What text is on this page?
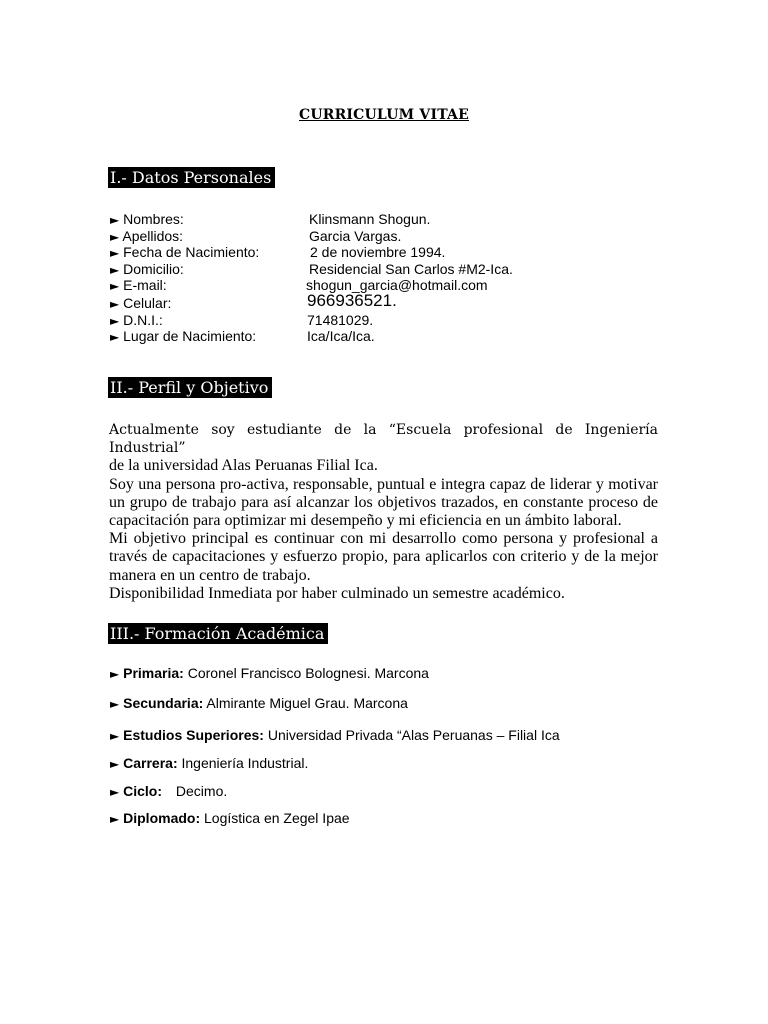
CURRICULUM VITAE
I.- Datos Personales
► Nombres:	Klinsmann Shogun.
► Apellidos:	Garcia Vargas.
► Fecha de Nacimiento:	2 de noviembre 1994.
► Domicilio:	Residencial San Carlos #M2-Ica.
► E-mail:	shogun_garcia@hotmail.com
► Celular:	966936521.
► D.N.I.:	71481029.
► Lugar de Nacimiento:	Ica/Ica/Ica.
II.- Perfil y Objetivo

Actualmente soy estudiante de la “Escuela profesional de Ingeniería Industrial”

de la universidad Alas Peruanas Filial Ica.

Soy una persona pro-activa, responsable, puntual e integra capaz de liderar y motivar un grupo de trabajo para así alcanzar los objetivos trazados, en constante proceso de capacitación para optimizar mi desempeño y mi eficiencia en un ámbito laboral.

Mi objetivo principal es continuar con mi desarrollo como persona y profesional a través de capacitaciones y esfuerzo propio, para aplicarlos con criterio y de la mejor manera en un centro de trabajo.

Disponibilidad Inmediata por haber culminado un semestre académico.

III.- Formación Académica
► Primaria: Coronel Francisco Bolognesi. Marcona
► Secundaria: Almirante Miguel Grau. Marcona
► Estudios Superiores: Universidad Privada “Alas Peruanas – Filial Ica
► Carrera: Ingeniería Industrial.
► Ciclo: Decimo.
► Diplomado: Logística en Zegel Ipae
